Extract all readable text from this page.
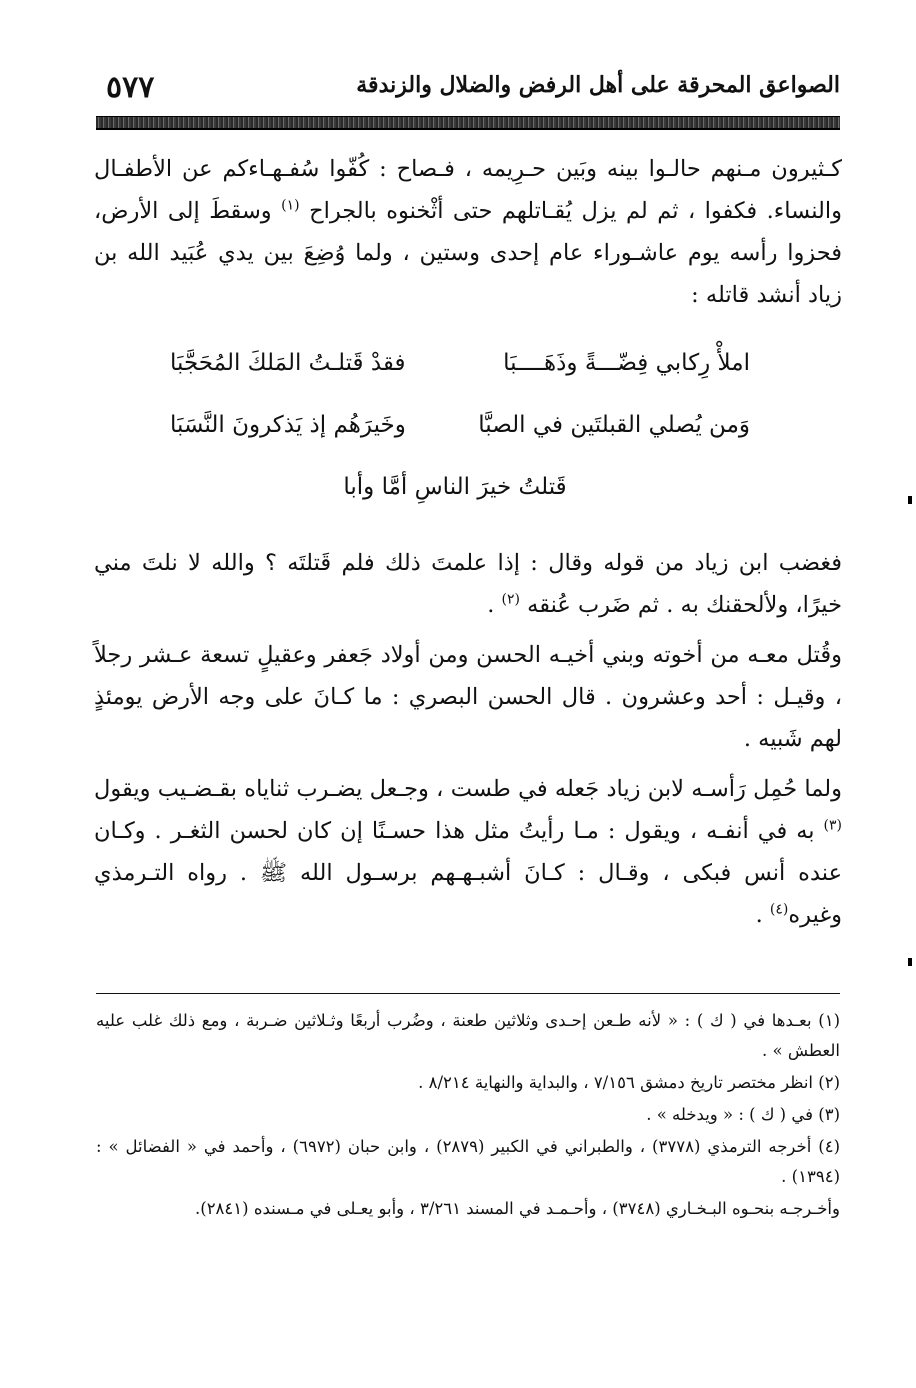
الصواعق المحرقة على أهل الرفض والضلال والزندقة
٥٧٧

كـثيرون مـنهم حالـوا بينه وبَين حـرِيمه ، فـصاح : كُفّوا سُفـهـاءكم عن الأطفـال والنساء. فكفوا ، ثم لم يزل يُقـاتلهم حتى أثْخنوه بالجراح $^{(١)}$ وسقطَ إلى الأرض، فحزوا رأسه يوم عاشـوراء عام إحدى وستين ، ولما وُضِعَ بين يدي عُبَيد الله بن زياد أنشد قاتله :

املأْ رِكابي فِضّـــةً وذَهَــــبَا
فقدْ قَتلـتُ المَلكَ المُحَجَّبَا
وَمن يُصلي القبلتَين في الصبَّا
وخَيرَهُم إذ يَذكرونَ النَّسَبَا
قَتلتُ خيرَ الناسِ أمَّا وأبا

فغضب ابن زياد من قوله وقال : إذا علمتَ ذلك فلم قَتلتَه ؟ والله لا نلتَ مني خيرًا، ولألحقنك به . ثم ضَرب عُنقه $^{(٢)}$ .

وقُتل معـه من أخوته وبني أخيـه الحسن ومن أولاد جَعفر وعقيلٍ تسعة عـشر رجلاً ، وقيـل : أحد وعشرون . قال الحسن البصري : ما كـانَ على وجه الأرض يومئذٍ لهم شَبيه .

ولما حُمِل رَأسـه لابن زياد جَعله في طست ، وجـعل يضـرب ثناياه بقـضـيب ويقول $^{(٣)}$ به في أنفـه ، ويقول : مـا رأيتُ مثل هذا حسـنًا إن كان لحسن الثغـر . وكـان عنده أنس فبكى ، وقـال : كـانَ أشبـهـهم برسـول الله ﷺ . رواه التـرمذي وغيره$^{(٤)}$ .

(١) بعـدها في ( ك ) : « لأنه طـعن إحـدى وثلاثين طعنة ، وضُرب أربعًا وثـلاثين ضـربة ، ومع ذلك غلب عليه العطش » .

(٢) انظر مختصر تاريخ دمشق ٧/١٥٦ ، والبداية والنهاية ٨/٢١٤ .

(٣) في ( ك ) : « ويدخله » .

(٤) أخرجه الترمذي (٣٧٧٨) ، والطبراني في الكبير (٢٨٧٩) ، وابن حبان (٦٩٧٢) ، وأحمد في « الفضائل » : (١٣٩٤) .

وأخـرجـه بنحـوه البـخـاري (٣٧٤٨) ، وأحـمـد في المسند ٣/٢٦١ ، وأبو يعـلى في مـسنده (٢٨٤١).
